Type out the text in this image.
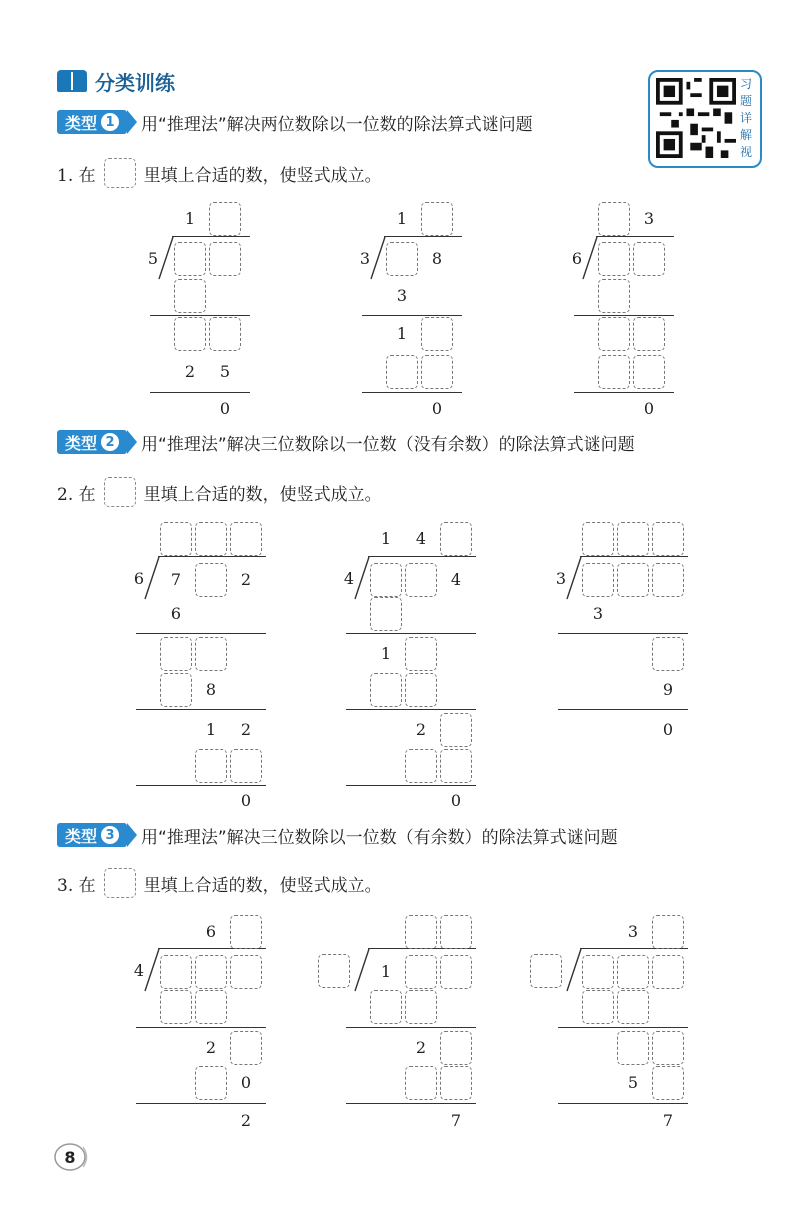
分类训练	习
题
详
解
视
类型 1 用“推理法”解决两位数除以一位数的除法算式谜问题
类型 2 用“推理法”解决三位数除以一位数（没有余数）的除法算式谜问题
类型 3 用“推理法”解决三位数除以一位数（有余数）的除法算式谜问题
1. 在	里填上合适的数，使竖式成立。
2. 在	里填上合适的数，使竖式成立。
3. 在	里填上合适的数，使竖式成立。
5
1
2	5
0
3
1
8
3
1
0
6
3
0
6	7	2
6
8
1	2
0
4
1	4
4
1
2
0
3
3
9
0
4
6
2
0
2
1
2
7
3
5
7
8
